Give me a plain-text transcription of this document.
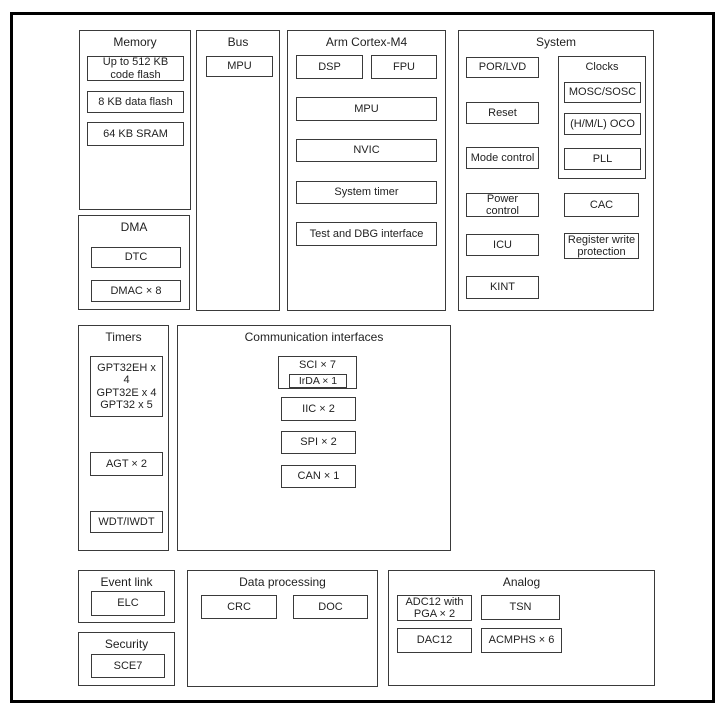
Memory
Up to 512 KB code flash
8 KB data flash
64 KB SRAM
DMA
DTC
DMAC × 8
Bus
MPU
Arm Cortex-M4
DSP	FPU
MPU
NVIC
System timer
Test and DBG interface
System
POR/LVD
Reset
Mode control
Power control
ICU
KINT
Clocks
MOSC/SOSC
(H/M/L) OCO
PLL
CAC
Register write protection
Timers
GPT32EH x 4
GPT32E x 4
GPT32 x 5
AGT × 2
WDT/IWDT
Communication interfaces
SCI × 7
IrDA × 1
IIC × 2
SPI × 2
CAN × 1
Event link
ELC
Security
SCE7
Data processing
CRC	DOC
Analog
ADC12 with PGA × 2
TSN
DAC12	ACMPHS × 6
